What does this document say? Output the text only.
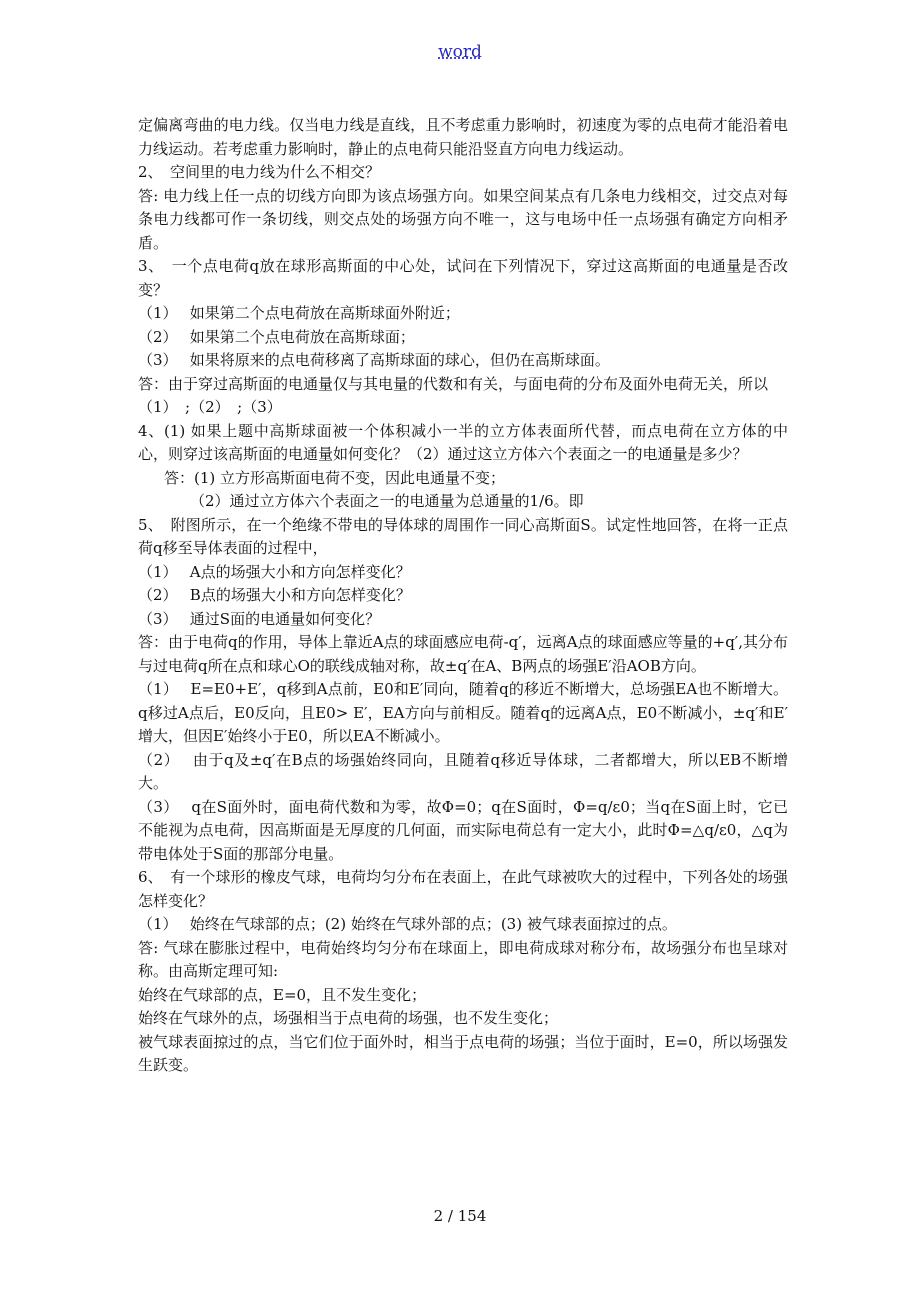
word

定偏离弯曲的电力线。仅当电力线是直线，且不考虑重力影响时，初速度为零的点电荷才能沿着电力线运动。若考虑重力影响时，静止的点电荷只能沿竖直方向电力线运动。

2、　空间里的电力线为什么不相交？

答: 电力线上任一点的切线方向即为该点场强方向。如果空间某点有几条电力线相交，过交点对每条电力线都可作一条切线，则交点处的场强方向不唯一，这与电场中任一点场强有确定方向相矛盾。

3、　一个点电荷q放在球形高斯面的中心处，试问在下列情况下，穿过这高斯面的电通量是否改变？

（1）　 如果第二个点电荷放在高斯球面外附近；

（2）　 如果第二个点电荷放在高斯球面；

（3）　 如果将原来的点电荷移离了高斯球面的球心，但仍在高斯球面。

答：由于穿过高斯面的电通量仅与其电量的代数和有关，与面电荷的分布及面外电荷无关，所以

（1）　;（2）　;（3）

4、(1) 如果上题中高斯球面被一个体积减小一半的立方体表面所代替，而点电荷在立方体的中心，则穿过该高斯面的电通量如何变化？（2）通过这立方体六个表面之一的电通量是多少？

答：(1) 立方形高斯面电荷不变，因此电通量不变；

（2）通过立方体六个表面之一的电通量为总通量的1/6。即

5、　附图所示，在一个绝缘不带电的导体球的周围作一同心高斯面S。试定性地回答，在将一正点荷q移至导体表面的过程中，

（1）　 A点的场强大小和方向怎样变化？

（2）　 B点的场强大小和方向怎样变化？

（3）　 通过S面的电通量如何变化？

答：由于电荷q的作用，导体上靠近A点的球面感应电荷-q′，远离A点的球面感应等量的+q′,其分布与过电荷q所在点和球心O的联线成轴对称，故±q′在A、B两点的场强E′沿AOB方向。

（1）　 E=E0+E′，q移到A点前，E0和E′同向，随着q的移近不断增大，总场强EA也不断增大。q移过A点后，E0反向，且E0> E′，EA方向与前相反。随着q的远离A点，E0不断减小，±q′和E′增大，但因E′始终小于E0，所以EA不断减小。

（2）　 由于q及±q′在B点的场强始终同向，且随着q移近导体球，二者都增大，所以EB不断增大。

（3）　 q在S面外时，面电荷代数和为零，故Φ=0；q在S面时，Φ=q/ε0；当q在S面上时，它已不能视为点电荷，因高斯面是无厚度的几何面，而实际电荷总有一定大小，此时Φ=△q/ε0，△q为带电体处于S面的那部分电量。

6、　有一个球形的橡皮气球，电荷均匀分布在表面上，在此气球被吹大的过程中，下列各处的场强怎样变化？

（1）　 始终在气球部的点；(2) 始终在气球外部的点；(3) 被气球表面掠过的点。

答: 气球在膨胀过程中，电荷始终均匀分布在球面上，即电荷成球对称分布，故场强分布也呈球对称。由高斯定理可知:

始终在气球部的点，E=0，且不发生变化；

始终在气球外的点，场强相当于点电荷的场强，也不发生变化；

被气球表面掠过的点，当它们位于面外时，相当于点电荷的场强；当位于面时，E=0，所以场强发生跃变。

2 / 154
